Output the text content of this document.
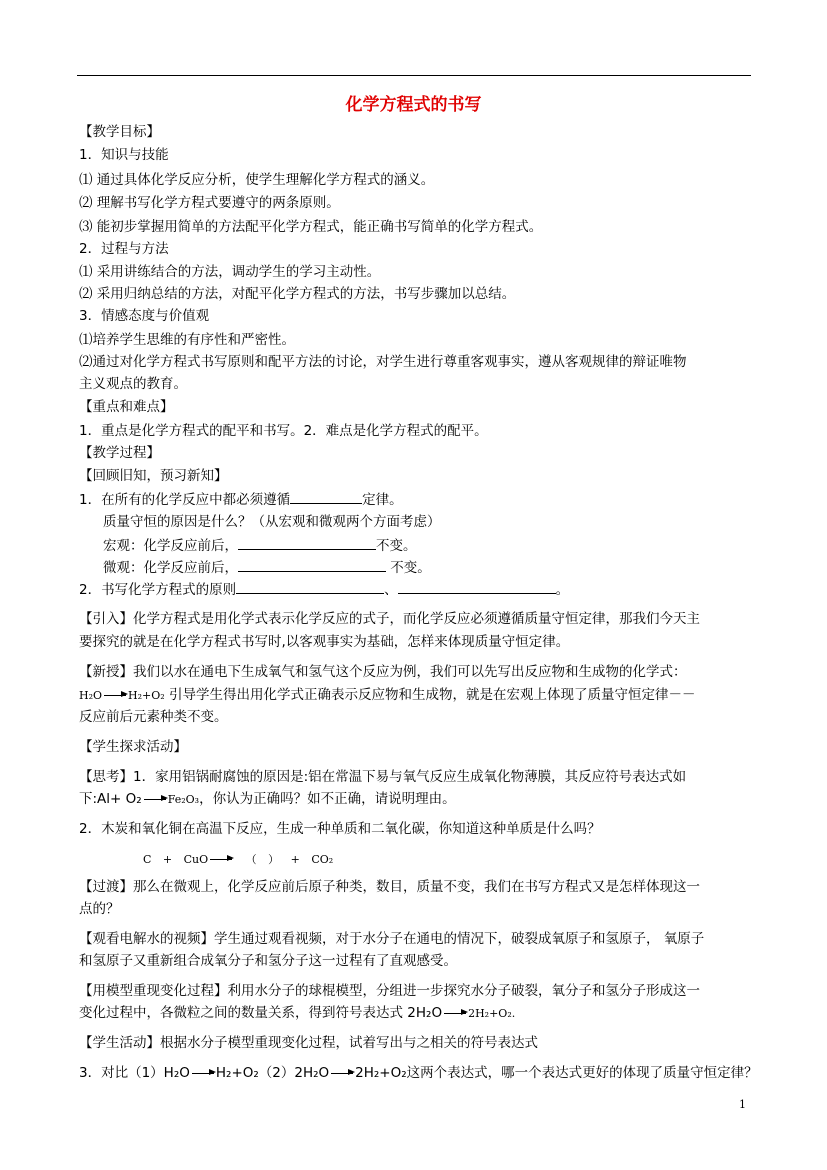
化学方程式的书写
【教学目标】
1．知识与技能
⑴ 通过具体化学反应分析，使学生理解化学方程式的涵义。
⑵ 理解书写化学方程式要遵守的两条原则。
⑶ 能初步掌握用简单的方法配平化学方程式，能正确书写简单的化学方程式。
2．过程与方法
⑴ 采用讲练结合的方法，调动学生的学习主动性。
⑵ 采用归纳总结的方法，对配平化学方程式的方法，书写步骤加以总结。
3．情感态度与价值观
⑴培养学生思维的有序性和严密性。
⑵通过对化学方程式书写原则和配平方法的讨论，对学生进行尊重客观事实，遵从客观规律的辩证唯物
主义观点的教育。
【重点和难点】
1．重点是化学方程式的配平和书写。2．难点是化学方程式的配平。
【教学过程】
【回顾旧知，预习新知】
1．在所有的化学反应中都必须遵循	定律。
质量守恒的原因是什么？（从宏观和微观两个方面考虑）
宏观：化学反应前后，	不变。
微观：化学反应前后，	不变。
2．书写化学方程式的原则	、	。
【引入】化学方程式是用化学式表示化学反应的式子，而化学反应必须遵循质量守恒定律，那我们今天主
要探究的就是在化学方程式书写时,以客观事实为基础，怎样来体现质量守恒定律。
【新授】我们以水在通电下生成氧气和氢气这个反应为例，我们可以先写出反应物和生成物的化学式：
H₂O H₂+O₂ 引导学生得出用化学式正确表示反应物和生成物，就是在宏观上体现了质量守恒定律－－
反应前后元素种类不变。
【学生探求活动】
【思考】1．家用铝锅耐腐蚀的原因是:铝在常温下易与氧气反应生成氧化物薄膜，其反应符号表达式如
下:Al+ O₂ Fe₂O₃，你认为正确吗？如不正确，请说明理由。
2．木炭和氧化铜在高温下反应，生成一种单质和二氧化碳，你知道这种单质是什么吗？
C + CuO （ ） + CO₂
【过渡】那么在微观上，化学反应前后原子种类，数目，质量不变，我们在书写方程式又是怎样体现这一
点的？
【观看电解水的视频】学生通过观看视频，对于水分子在通电的情况下，破裂成氧原子和氢原子， 氧原子
和氢原子又重新组合成氧分子和氢分子这一过程有了直观感受。
【用模型重现变化过程】利用水分子的球棍模型，分组进一步探究水分子破裂，氧分子和氢分子形成这一
变化过程中，各微粒之间的数量关系，得到符号表达式 2H₂O 2H₂+O₂.
【学生活动】根据水分子模型重现变化过程，试着写出与之相关的符号表达式
3．对比（1）H₂O H₂+O₂（2）2H₂O 2H₂+O₂这两个表达式，哪一个表达式更好的体现了质量守恒定律？
1
